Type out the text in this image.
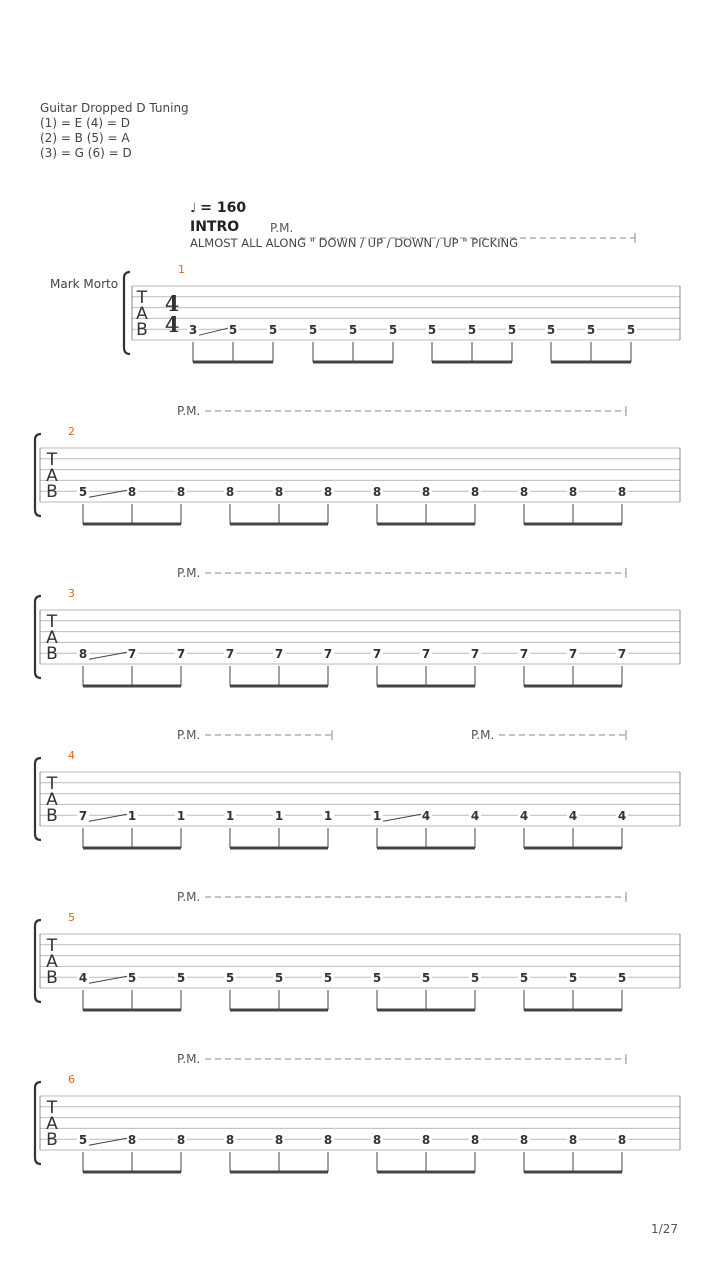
Guitar Dropped D Tuning
(1) = E (4) = D
(2) = B (5) = A
(3) = G (6) = D
♩ = 160
INTRO
ALMOST ALL ALONG " DOWN / UP / DOWN / UP " PICKING
Mark Morto
T
A
B
4
4
1
3	5	5	5	5	5	5	5	5	5	5	5
P.M.
T
A
B
2
5	8	8	8	8	8	8	8	8	8	8	8
P.M.
T
A
B
3
8	7	7	7	7	7	7	7	7	7	7	7
P.M.
T
A
B
4
7	1	1	1	1	1	1	4	4	4	4	4
P.M.	P.M.
T
A
B
5
4	5	5	5	5	5	5	5	5	5	5	5
P.M.
T
A
B
6
5	8	8	8	8	8	8	8	8	8	8	8
P.M.
1/27
